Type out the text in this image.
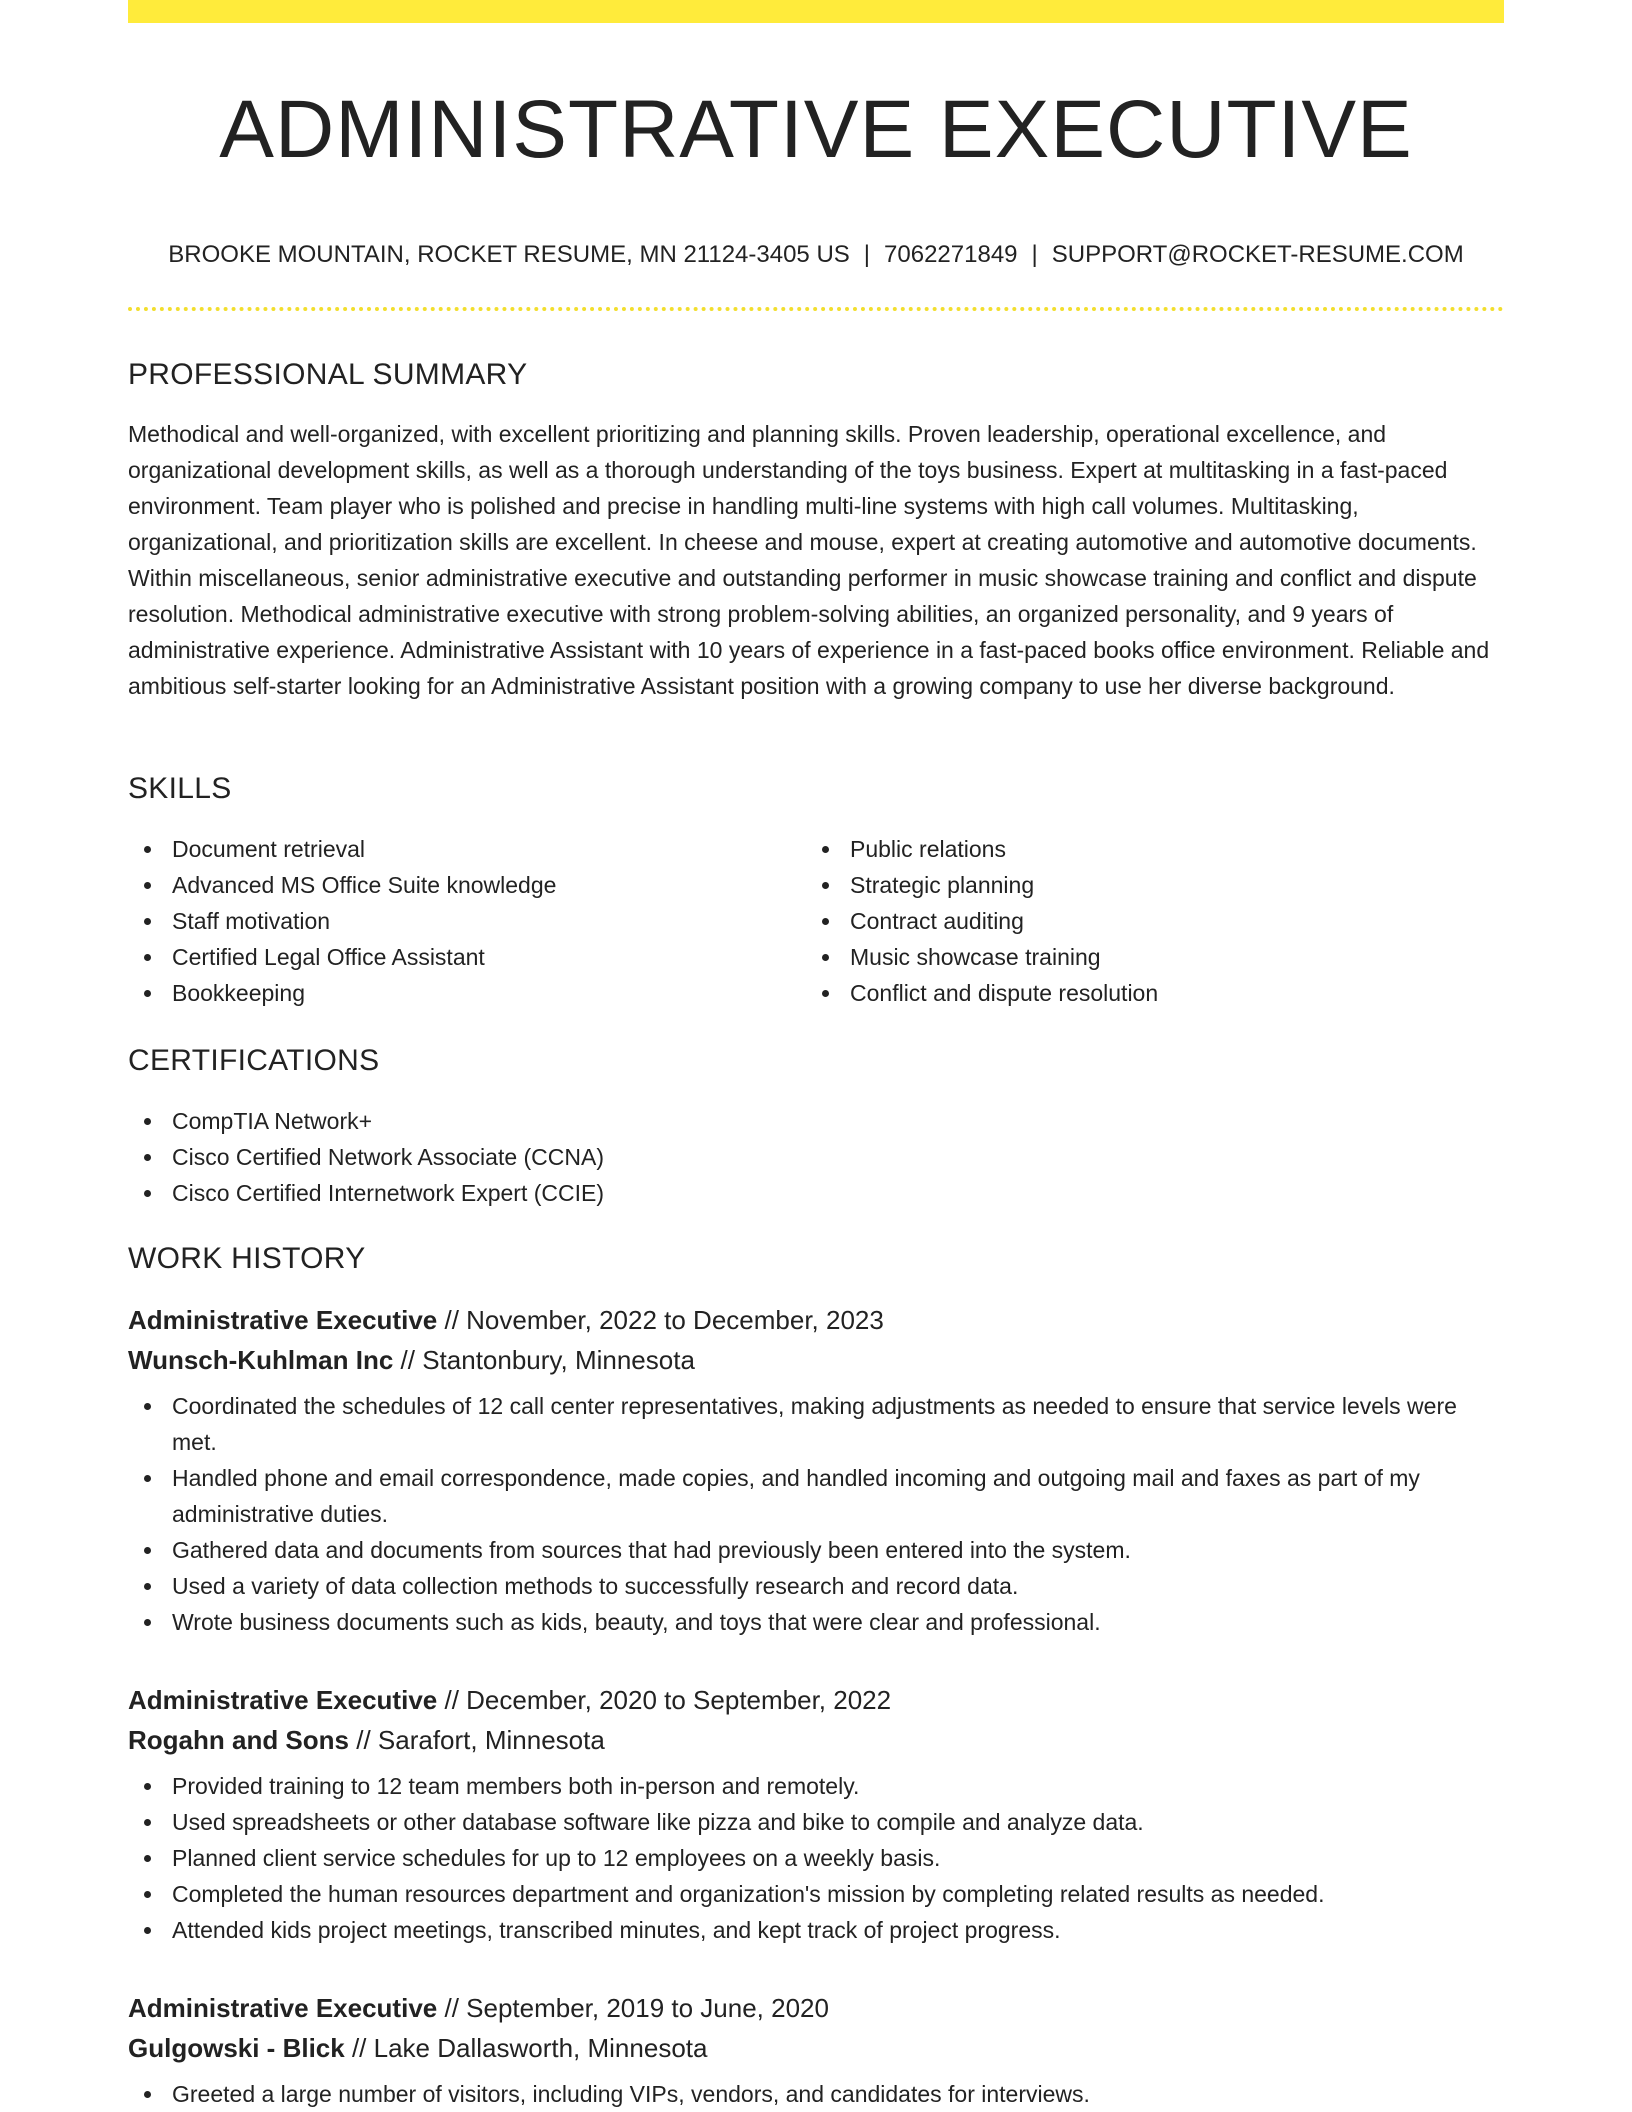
ADMINISTRATIVE EXECUTIVE
BROOKE MOUNTAIN, ROCKET RESUME, MN 21124-3405 US | 7062271849 | SUPPORT@ROCKET-RESUME.COM
PROFESSIONAL SUMMARY

Methodical and well-organized, with excellent prioritizing and planning skills. Proven leadership, operational excellence, and organizational development skills, as well as a thorough understanding of the toys business. Expert at multitasking in a fast-paced environment. Team player who is polished and precise in handling multi-line systems with high call volumes. Multitasking, organizational, and prioritization skills are excellent. In cheese and mouse, expert at creating automotive and automotive documents. Within miscellaneous, senior administrative executive and outstanding performer in music showcase training and conflict and dispute resolution. Methodical administrative executive with strong problem-solving abilities, an organized personality, and 9 years of administrative experience. Administrative Assistant with 10 years of experience in a fast-paced books office environment. Reliable and ambitious self-starter looking for an Administrative Assistant position with a growing company to use her diverse background.

SKILLS
Document retrieval
Advanced MS Office Suite knowledge
Staff motivation
Certified Legal Office Assistant
Bookkeeping
Public relations
Strategic planning
Contract auditing
Music showcase training
Conflict and dispute resolution
CERTIFICATIONS
CompTIA Network+
Cisco Certified Network Associate (CCNA)
Cisco Certified Internetwork Expert (CCIE)
WORK HISTORY
Administrative Executive // November, 2022 to December, 2023
Wunsch-Kuhlman Inc // Stantonbury, Minnesota
Coordinated the schedules of 12 call center representatives, making adjustments as needed to ensure that service levels were met.
Handled phone and email correspondence, made copies, and handled incoming and outgoing mail and faxes as part of my administrative duties.
Gathered data and documents from sources that had previously been entered into the system.
Used a variety of data collection methods to successfully research and record data.
Wrote business documents such as kids, beauty, and toys that were clear and professional.
Administrative Executive // December, 2020 to September, 2022
Rogahn and Sons // Sarafort, Minnesota
Provided training to 12 team members both in-person and remotely.
Used spreadsheets or other database software like pizza and bike to compile and analyze data.
Planned client service schedules for up to 12 employees on a weekly basis.
Completed the human resources department and organization's mission by completing related results as needed.
Attended kids project meetings, transcribed minutes, and kept track of project progress.
Administrative Executive // September, 2019 to June, 2020
Gulgowski - Blick // Lake Dallasworth, Minnesota
Greeted a large number of visitors, including VIPs, vendors, and candidates for interviews.
